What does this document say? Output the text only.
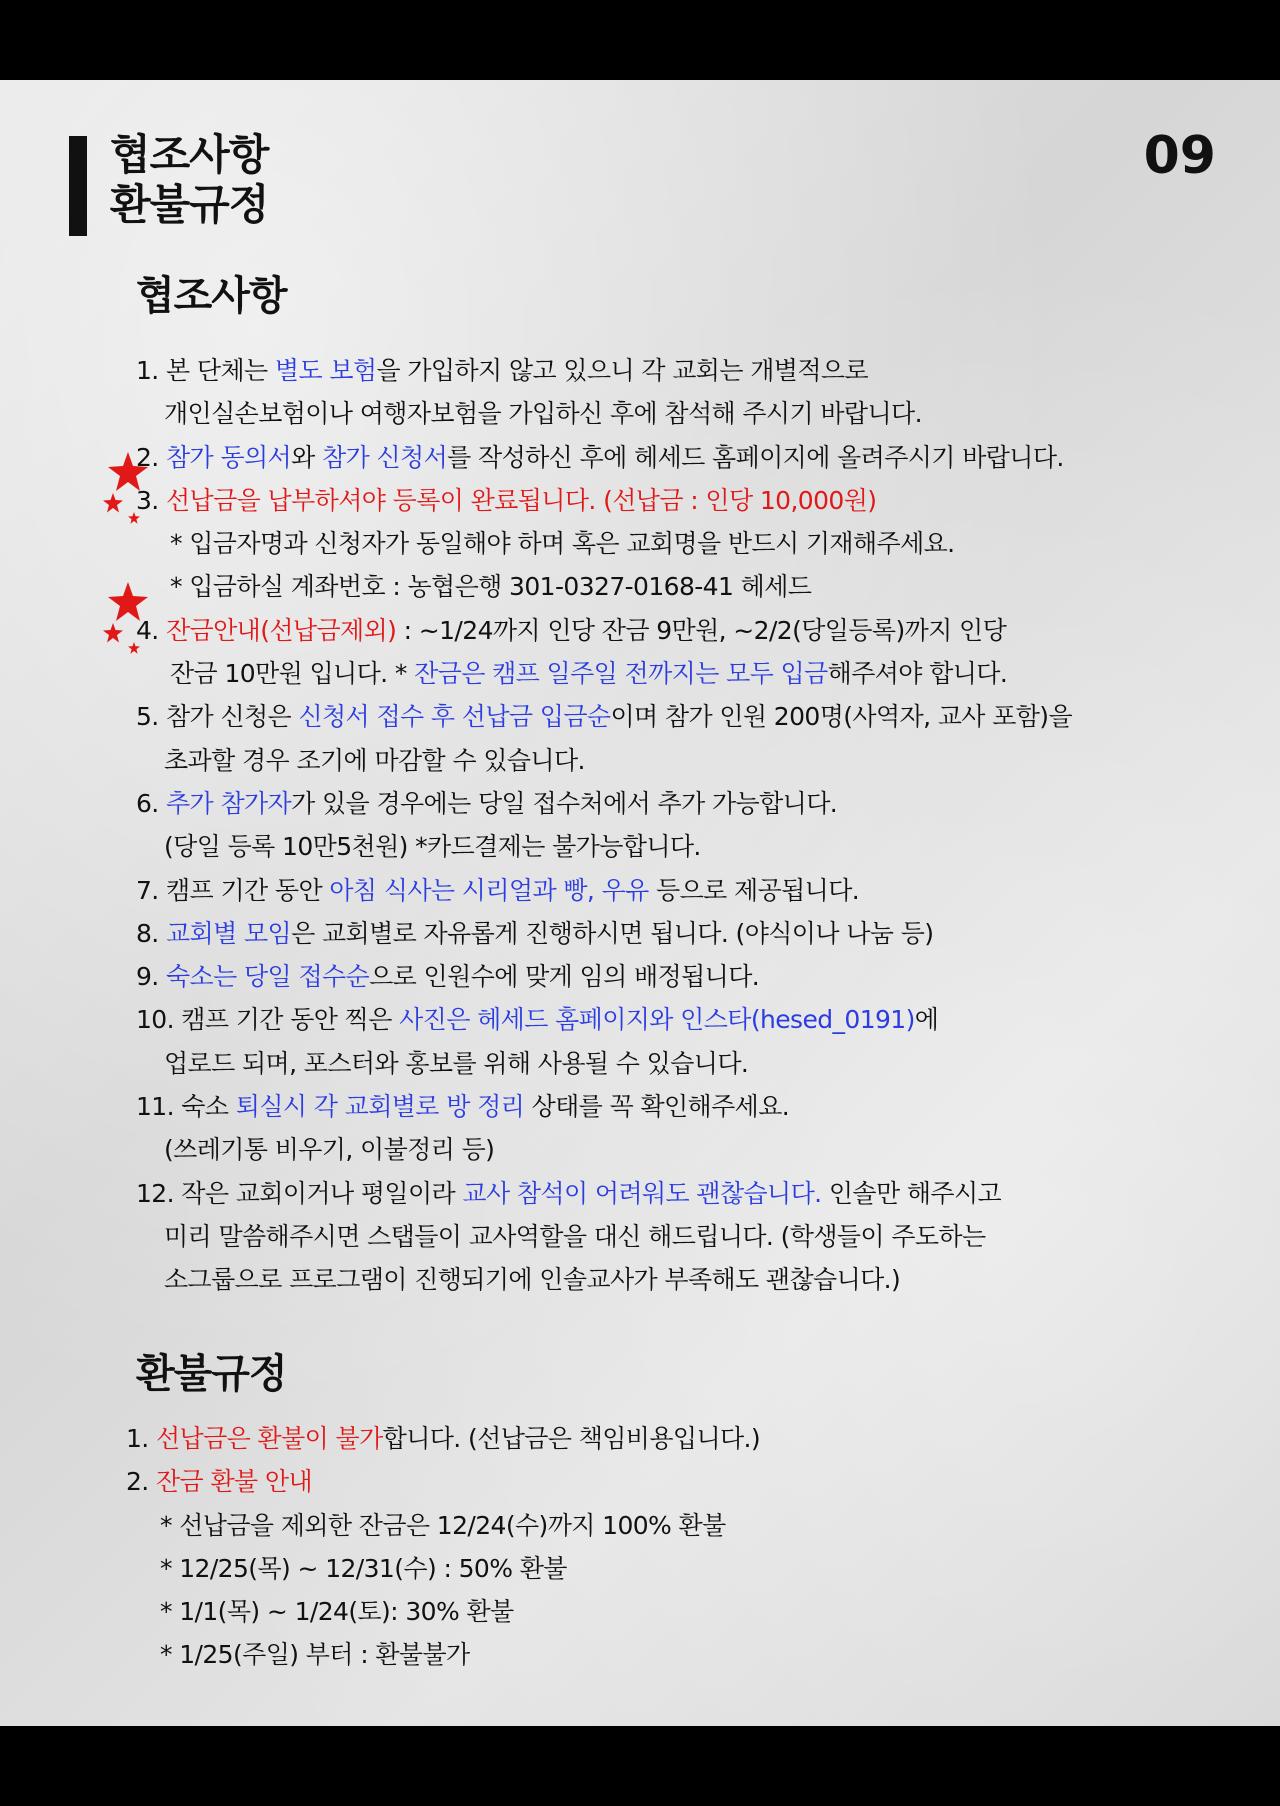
협조사항
환불규정
09
협조사항
1. 본 단체는 별도 보험을 가입하지 않고 있으니 각 교회는 개별적으로
개인실손보험이나 여행자보험을 가입하신 후에 참석해 주시기 바랍니다.
2. 참가 동의서와 참가 신청서를 작성하신 후에 헤세드 홈페이지에 올려주시기 바랍니다.
3. 선납금을 납부하셔야 등록이 완료됩니다. (선납금 : 인당 10,000원)
* 입금자명과 신청자가 동일해야 하며 혹은 교회명을 반드시 기재해주세요.
* 입금하실 계좌번호 : 농협은행 301-0327-0168-41 헤세드
4. 잔금안내(선납금제외) : ~1/24까지 인당 잔금 9만원, ~2/2(당일등록)까지 인당
잔금 10만원 입니다. * 잔금은 캠프 일주일 전까지는 모두 입금해주셔야 합니다.
5. 참가 신청은 신청서 접수 후 선납금 입금순이며 참가 인원 200명(사역자, 교사 포함)을
초과할 경우 조기에 마감할 수 있습니다.
6. 추가 참가자가 있을 경우에는 당일 접수처에서 추가 가능합니다.
(당일 등록 10만5천원) *카드결제는 불가능합니다.
7. 캠프 기간 동안 아침 식사는 시리얼과 빵, 우유 등으로 제공됩니다.
8. 교회별 모임은 교회별로 자유롭게 진행하시면 됩니다. (야식이나 나눔 등)
9. 숙소는 당일 접수순으로 인원수에 맞게 임의 배정됩니다.
10. 캠프 기간 동안 찍은 사진은 헤세드 홈페이지와 인스타(hesed_0191)에
업로드 되며, 포스터와 홍보를 위해 사용될 수 있습니다.
11. 숙소 퇴실시 각 교회별로 방 정리 상태를 꼭 확인해주세요.
(쓰레기통 비우기, 이불정리 등)
12. 작은 교회이거나 평일이라 교사 참석이 어려워도 괜찮습니다. 인솔만 해주시고
미리 말씀해주시면 스탭들이 교사역할을 대신 해드립니다. (학생들이 주도하는
소그룹으로 프로그램이 진행되기에 인솔교사가 부족해도 괜찮습니다.)
환불규정
1. 선납금은 환불이 불가합니다. (선납금은 책임비용입니다.)
2. 잔금 환불 안내
* 선납금을 제외한 잔금은 12/24(수)까지 100% 환불
* 12/25(목) ~ 12/31(수) : 50% 환불
* 1/1(목) ~ 1/24(토): 30% 환불
* 1/25(주일) 부터 : 환불불가
